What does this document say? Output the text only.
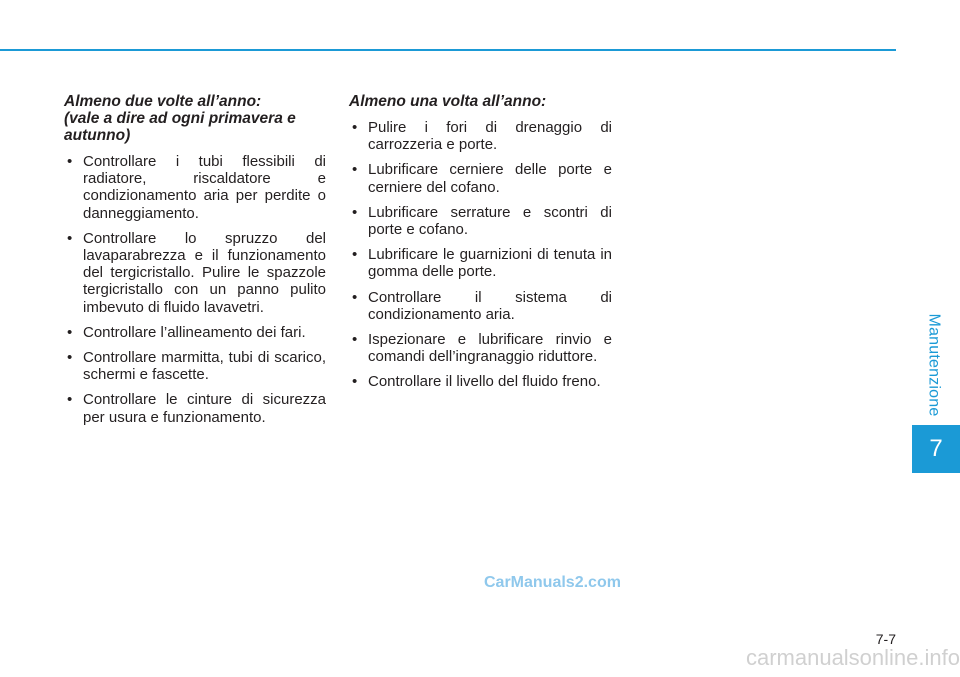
Almeno due volte all’anno:
(vale a dire ad ogni primavera e
autunno)
• Controllare i tubi flessibili di radiatore, riscaldatore e condizionamento aria per perdite o danneggiamento.
• Controllare lo spruzzo del lavaparabrezza e il funzionamento del tergicristallo. Pulire le spazzole tergicristallo con un panno pulito imbevuto di fluido lavavetri.
• Controllare l’allineamento dei fari.
• Controllare marmitta, tubi di scarico, schermi e fascette.
• Controllare le cinture di sicurezza per usura e funzionamento.
Almeno una volta all’anno:
• Pulire i fori di drenaggio di carrozzeria e porte.
• Lubrificare cerniere delle porte e cerniere del cofano.
• Lubrificare serrature e scontri di porte e cofano.
• Lubrificare le guarnizioni di tenuta in gomma delle porte.
• Controllare il sistema di condizionamento aria.
• Ispezionare e lubrificare rinvio e comandi dell’ingranaggio riduttore.
• Controllare il livello del fluido freno.	Manutenzione
7
CarManuals2.com
7-7
carmanualsonline.info
